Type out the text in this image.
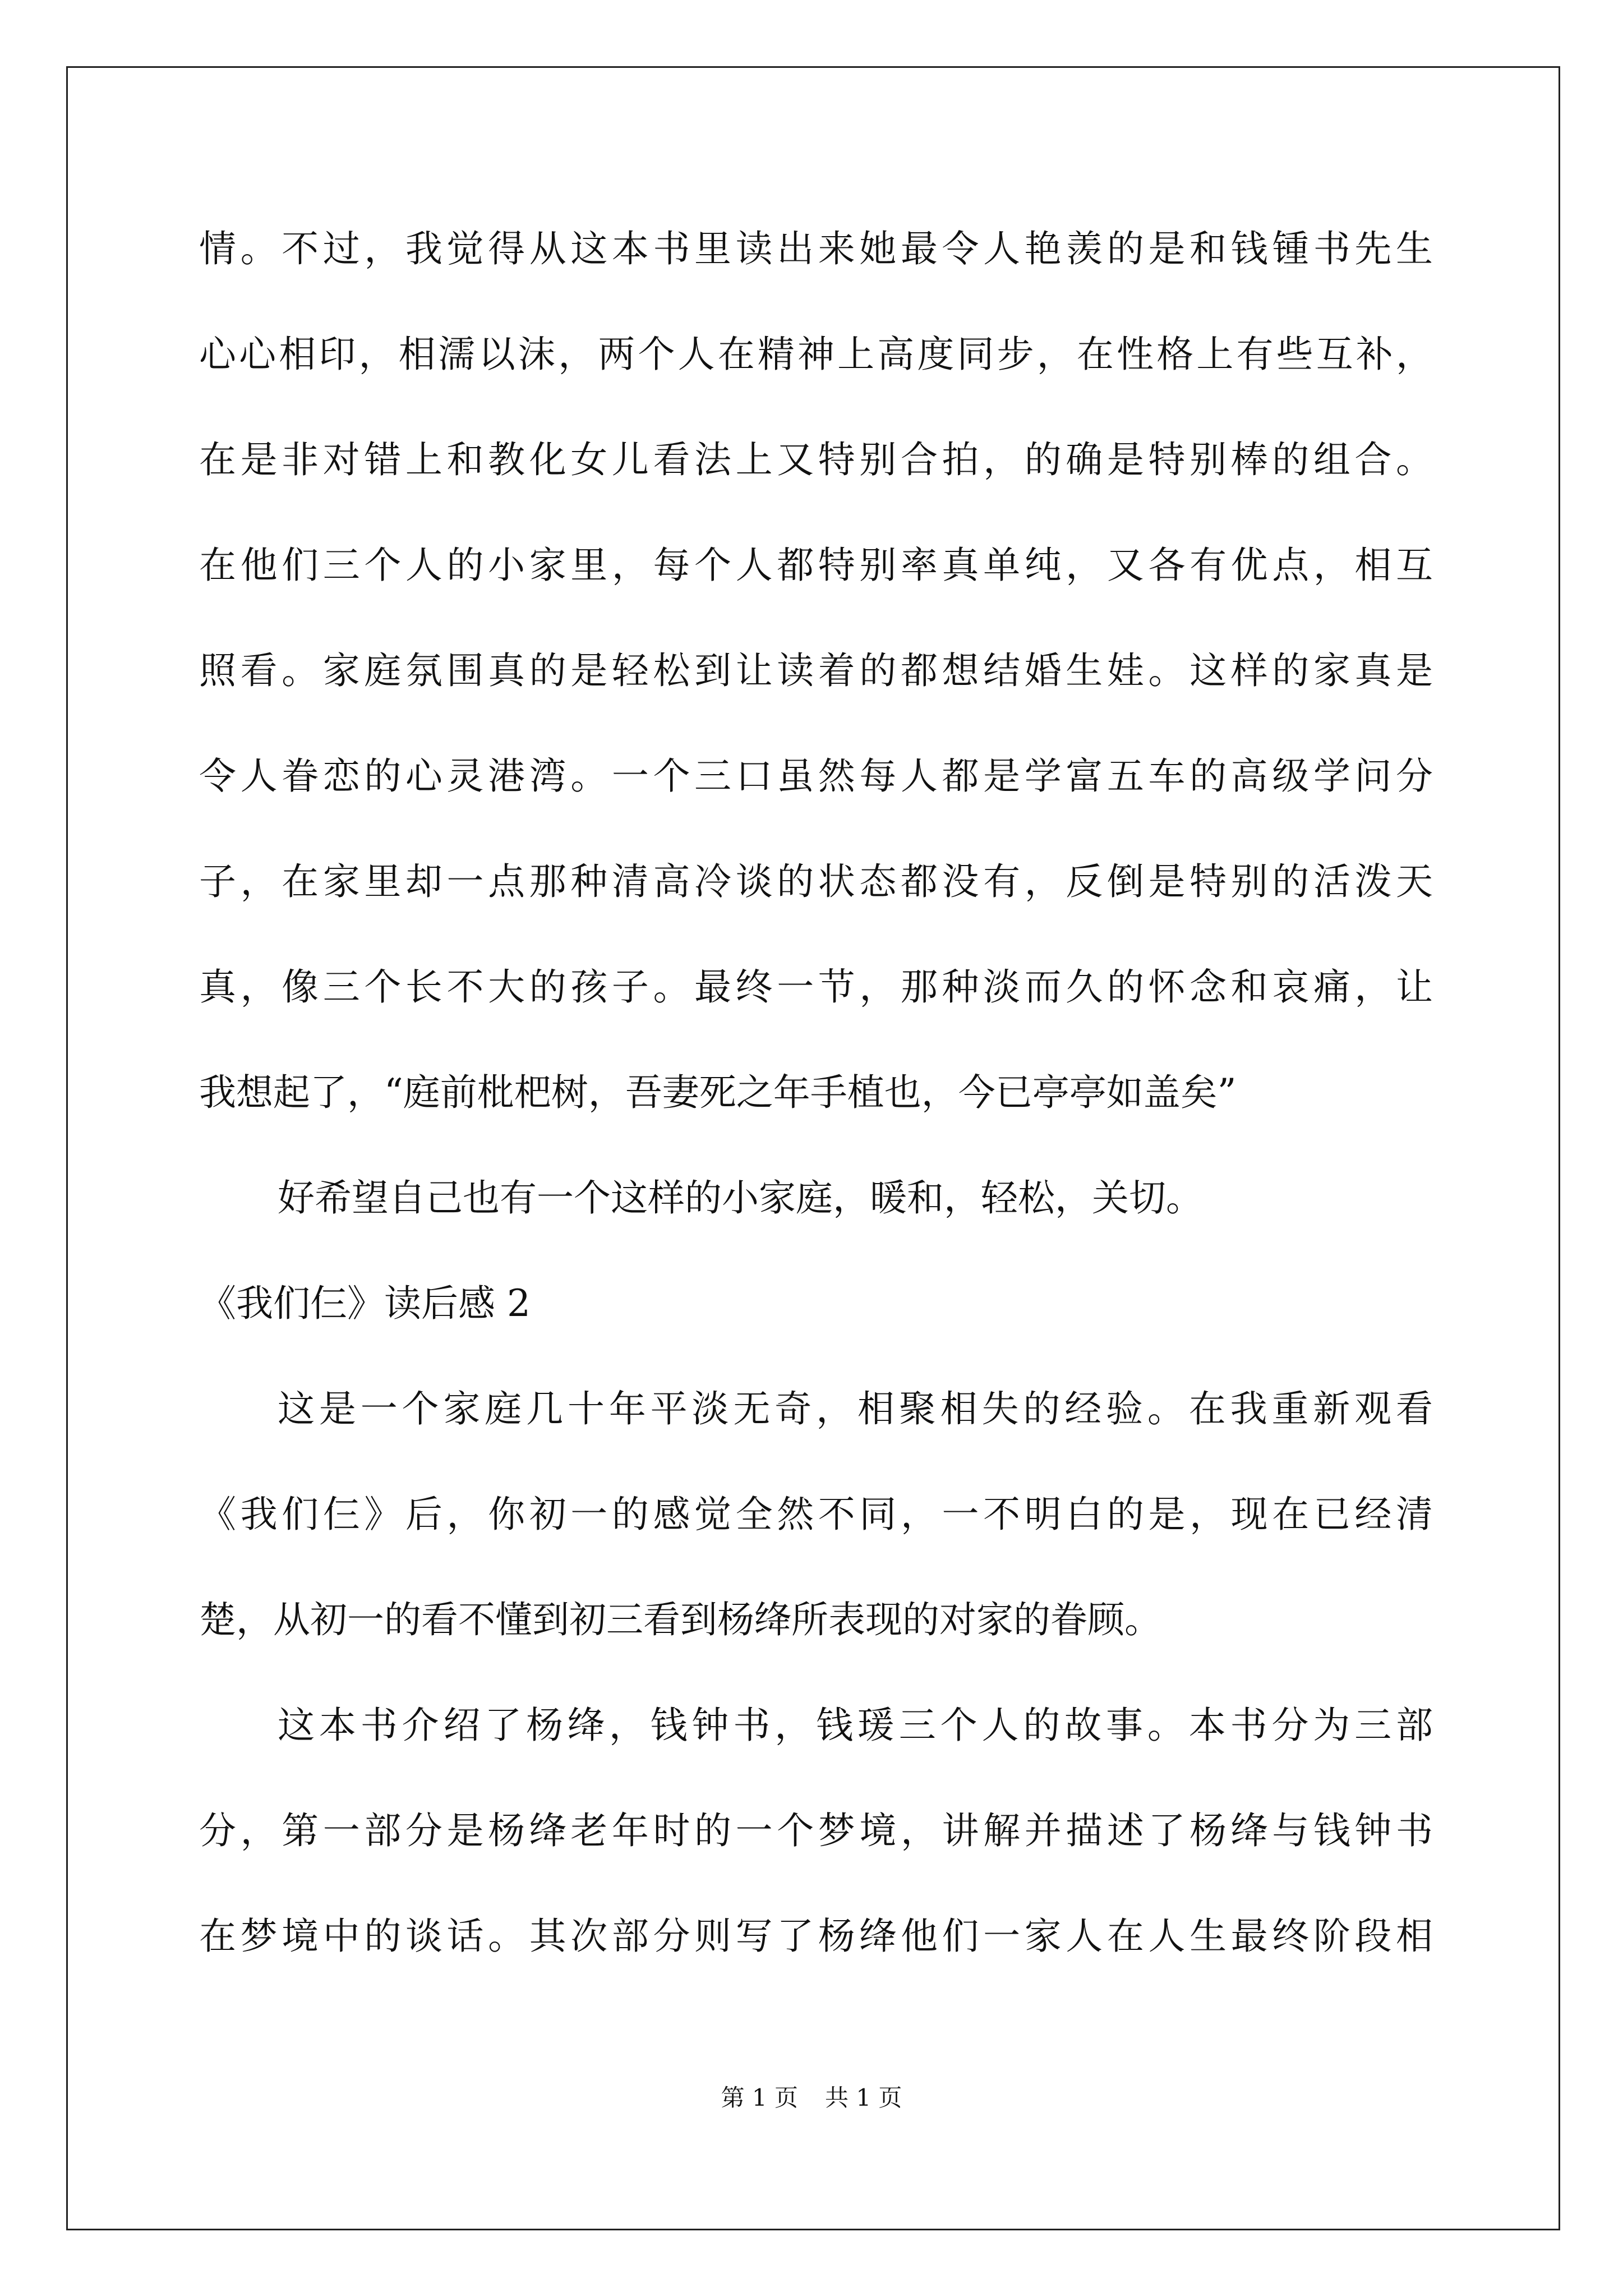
情。不过，我觉得从这本书里读出来她最令人艳羡的是和钱锺书先生
心心相印，相濡以沫，两个人在精神上高度同步，在性格上有些互补，
在是非对错上和教化女儿看法上又特别合拍，的确是特别棒的组合。
在他们三个人的小家里，每个人都特别率真单纯，又各有优点，相互
照看。家庭氛围真的是轻松到让读着的都想结婚生娃。这样的家真是
令人眷恋的心灵港湾。一个三口虽然每人都是学富五车的高级学问分
子，在家里却一点那种清高冷谈的状态都没有，反倒是特别的活泼天
真，像三个长不大的孩子。最终一节，那种淡而久的怀念和哀痛，让
我想起了，“庭前枇杷树，吾妻死之年手植也，今已亭亭如盖矣”
好希望自己也有一个这样的小家庭，暖和，轻松，关切。
《我们仨》读后感 2
这是一个家庭几十年平淡无奇，相聚相失的经验。在我重新观看
《我们仨》后，你初一的感觉全然不同，一不明白的是，现在已经清
楚，从初一的看不懂到初三看到杨绛所表现的对家的眷顾。
这本书介绍了杨绛，钱钟书，钱瑗三个人的故事。本书分为三部
分，第一部分是杨绛老年时的一个梦境，讲解并描述了杨绛与钱钟书
在梦境中的谈话。其次部分则写了杨绛他们一家人在人生最终阶段相
第 1 页 共 1 页
